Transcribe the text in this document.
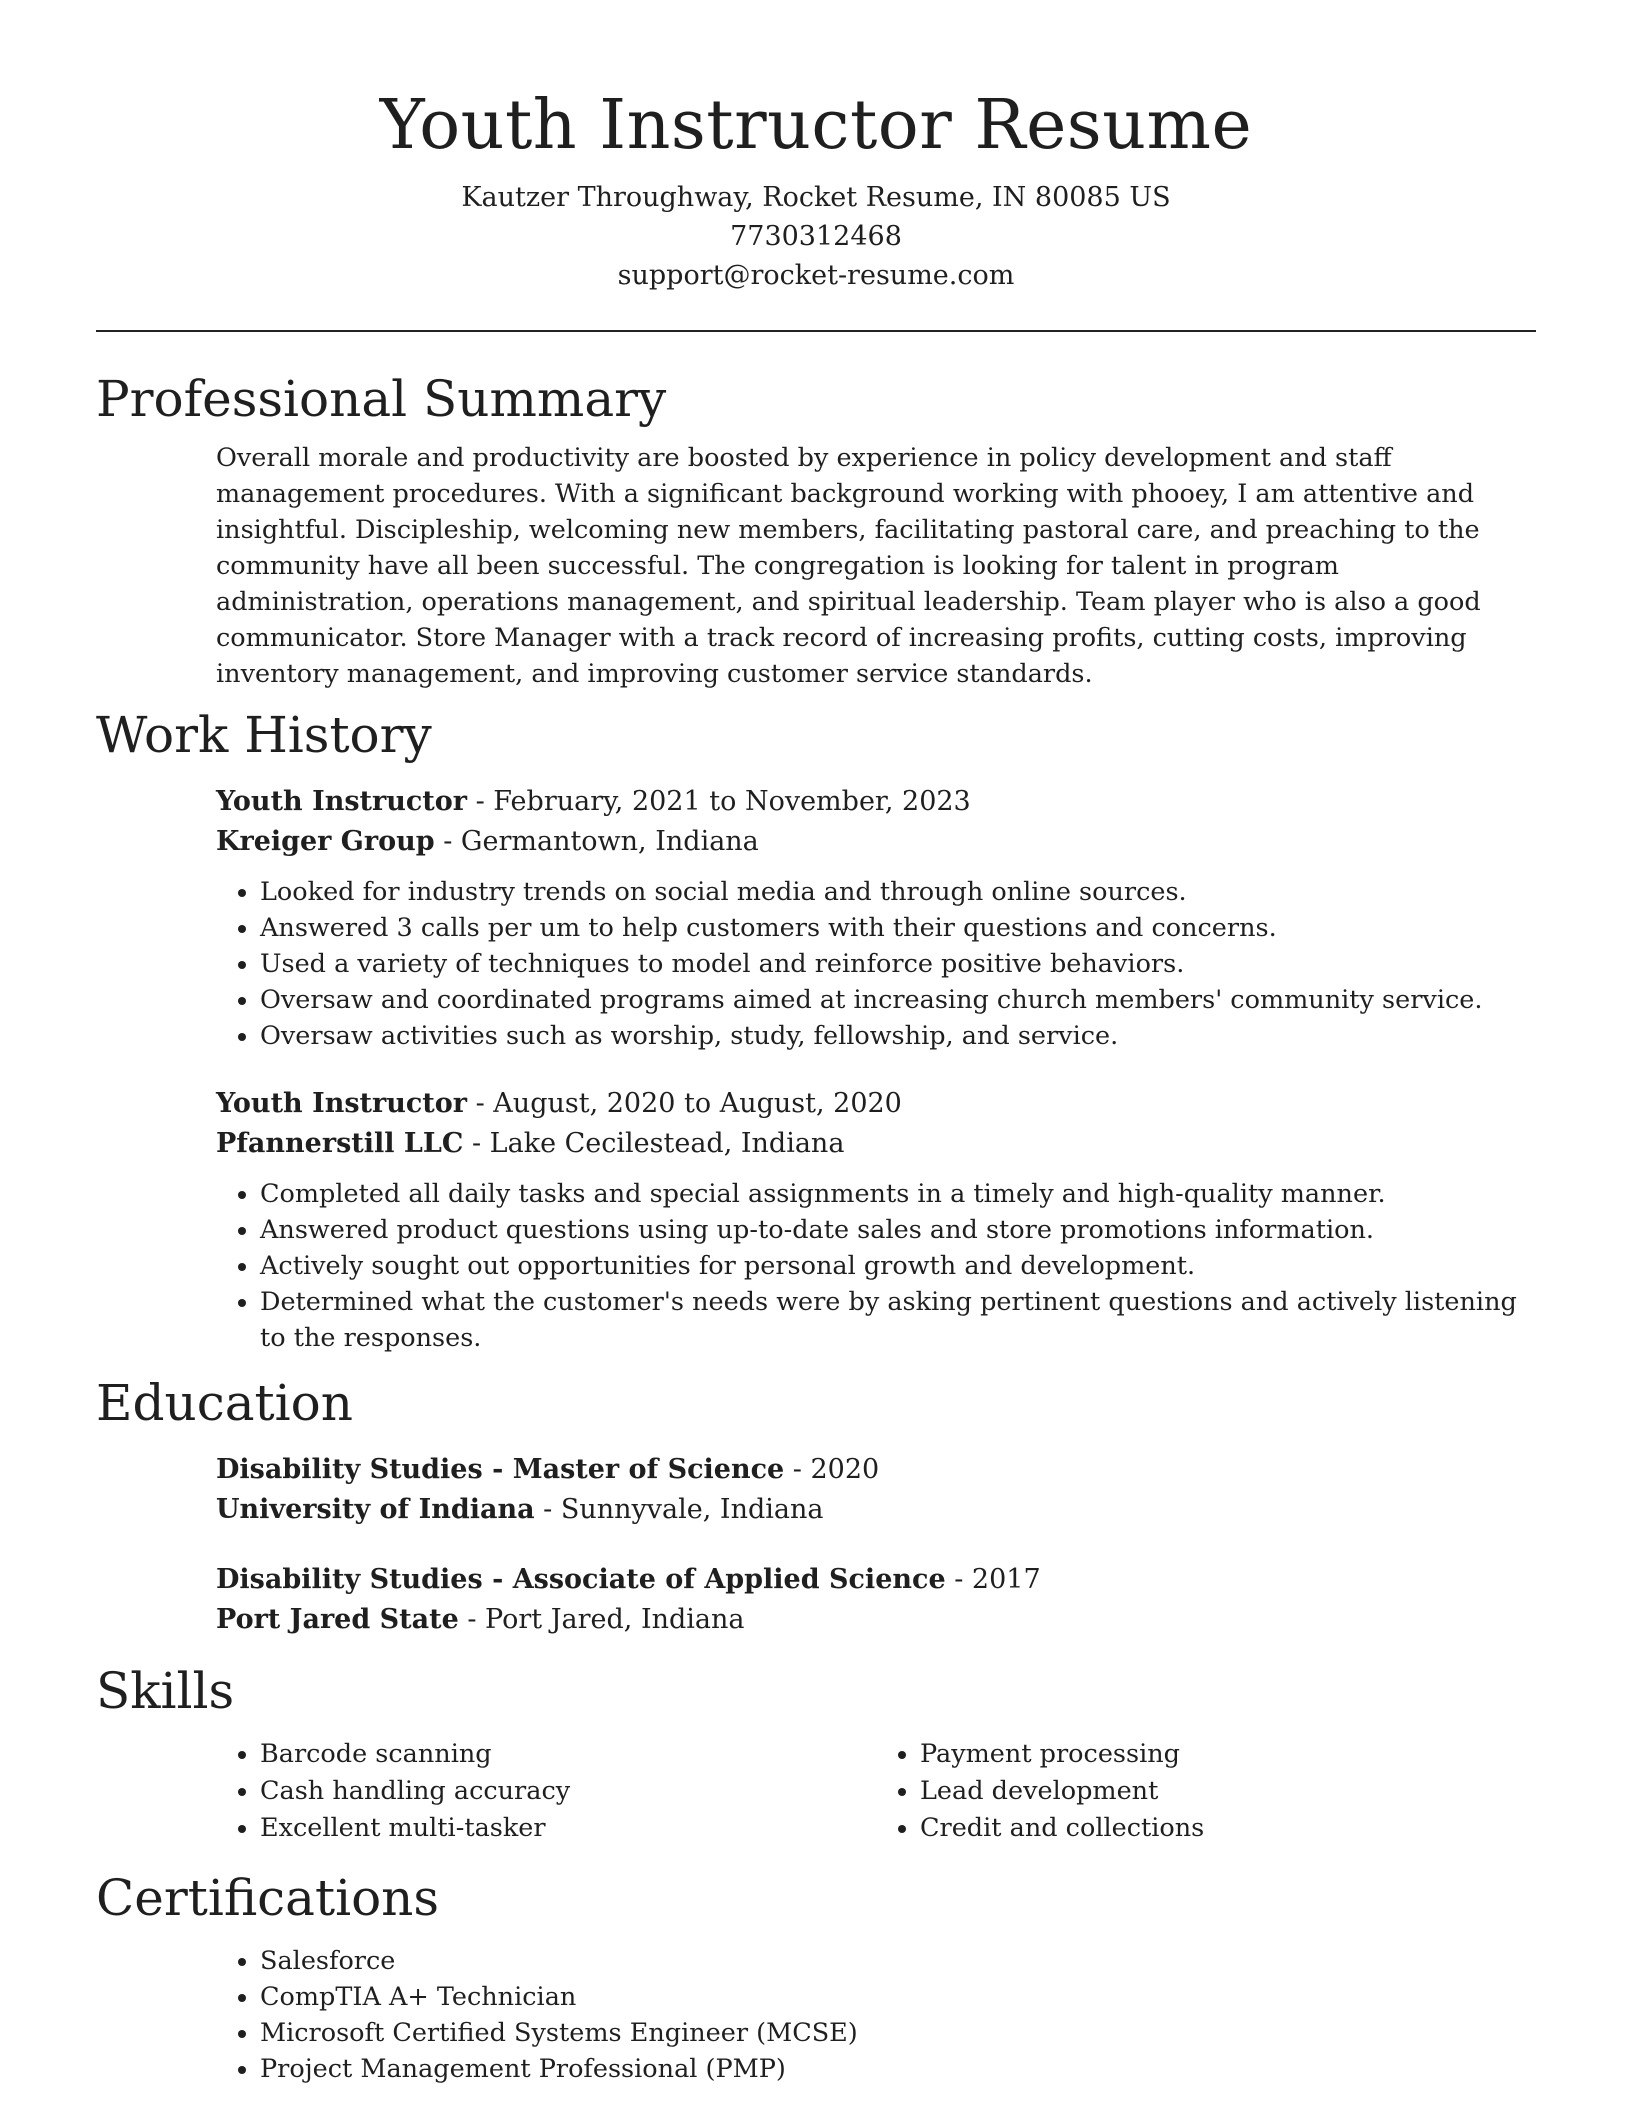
Youth Instructor Resume
Kautzer Throughway, Rocket Resume, IN 80085 US
7730312468
support@rocket-resume.com
Professional Summary

Overall morale and productivity are boosted by experience in policy development and staff management procedures. With a significant background working with phooey, I am attentive and insightful. Discipleship, welcoming new members, facilitating pastoral care, and preaching to the community have all been successful. The congregation is looking for talent in program administration, operations management, and spiritual leadership. Team player who is also a good communicator. Store Manager with a track record of increasing profits, cutting costs, improving inventory management, and improving customer service standards.

Work History
Youth Instructor - February, 2021 to November, 2023
Kreiger Group - Germantown, Indiana
• Looked for industry trends on social media and through online sources.
• Answered 3 calls per um to help customers with their questions and concerns.
• Used a variety of techniques to model and reinforce positive behaviors.
• Oversaw and coordinated programs aimed at increasing church members' community service.
• Oversaw activities such as worship, study, fellowship, and service.
Youth Instructor - August, 2020 to August, 2020
Pfannerstill LLC - Lake Cecilestead, Indiana
• Completed all daily tasks and special assignments in a timely and high-quality manner.
• Answered product questions using up-to-date sales and store promotions information.
• Actively sought out opportunities for personal growth and development.
• Determined what the customer's needs were by asking pertinent questions and actively listening to the responses.
Education
Disability Studies - Master of Science - 2020
University of Indiana - Sunnyvale, Indiana
Disability Studies - Associate of Applied Science - 2017
Port Jared State - Port Jared, Indiana
Skills
• Barcode scanning
• Cash handling accuracy
• Excellent multi-tasker
• Payment processing
• Lead development
• Credit and collections
Certifications
• Salesforce
• CompTIA A+ Technician
• Microsoft Certified Systems Engineer (MCSE)
• Project Management Professional (PMP)
